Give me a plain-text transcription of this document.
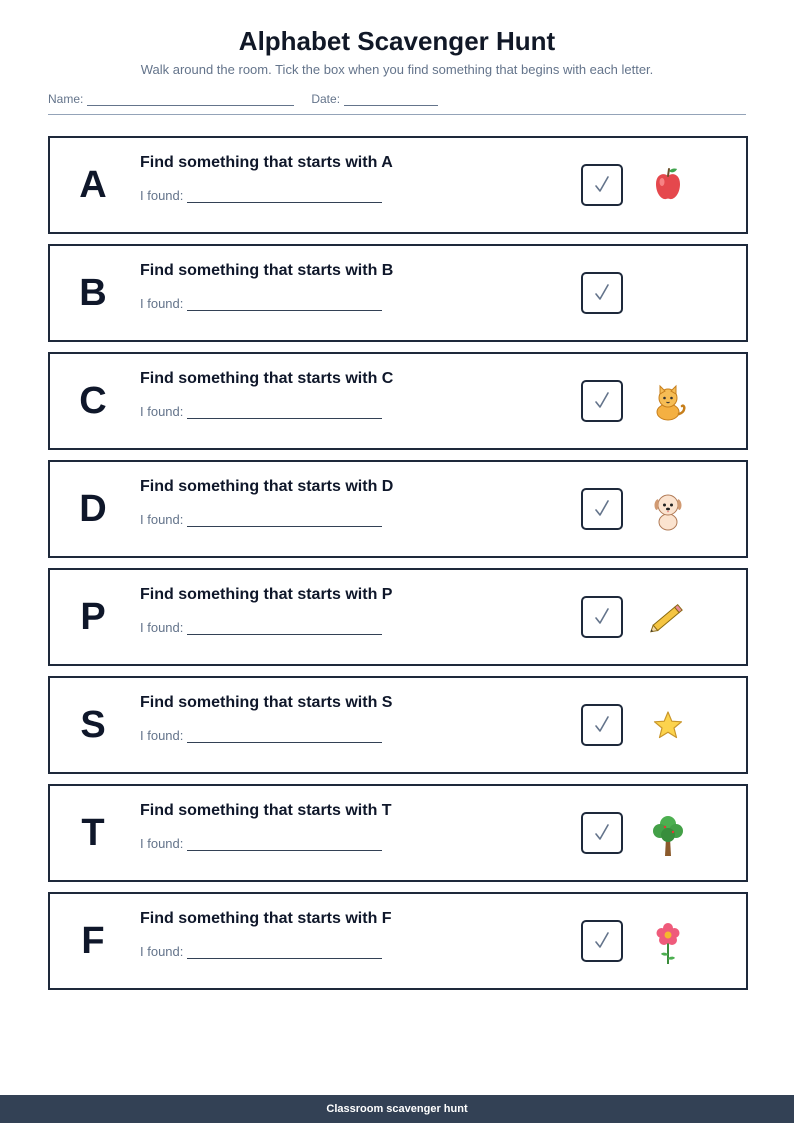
Alphabet Scavenger Hunt
Walk around the room. Tick the box when you find something that begins with each letter.
Name:	Date:
A
Find something that starts with A
I found:
B
Find something that starts with B
I found:
C
Find something that starts with C
I found:
D
Find something that starts with D
I found:
P
Find something that starts with P
I found:
S
Find something that starts with S
I found:
T
Find something that starts with T
I found:
F
Find something that starts with F
I found:
Classroom scavenger hunt
